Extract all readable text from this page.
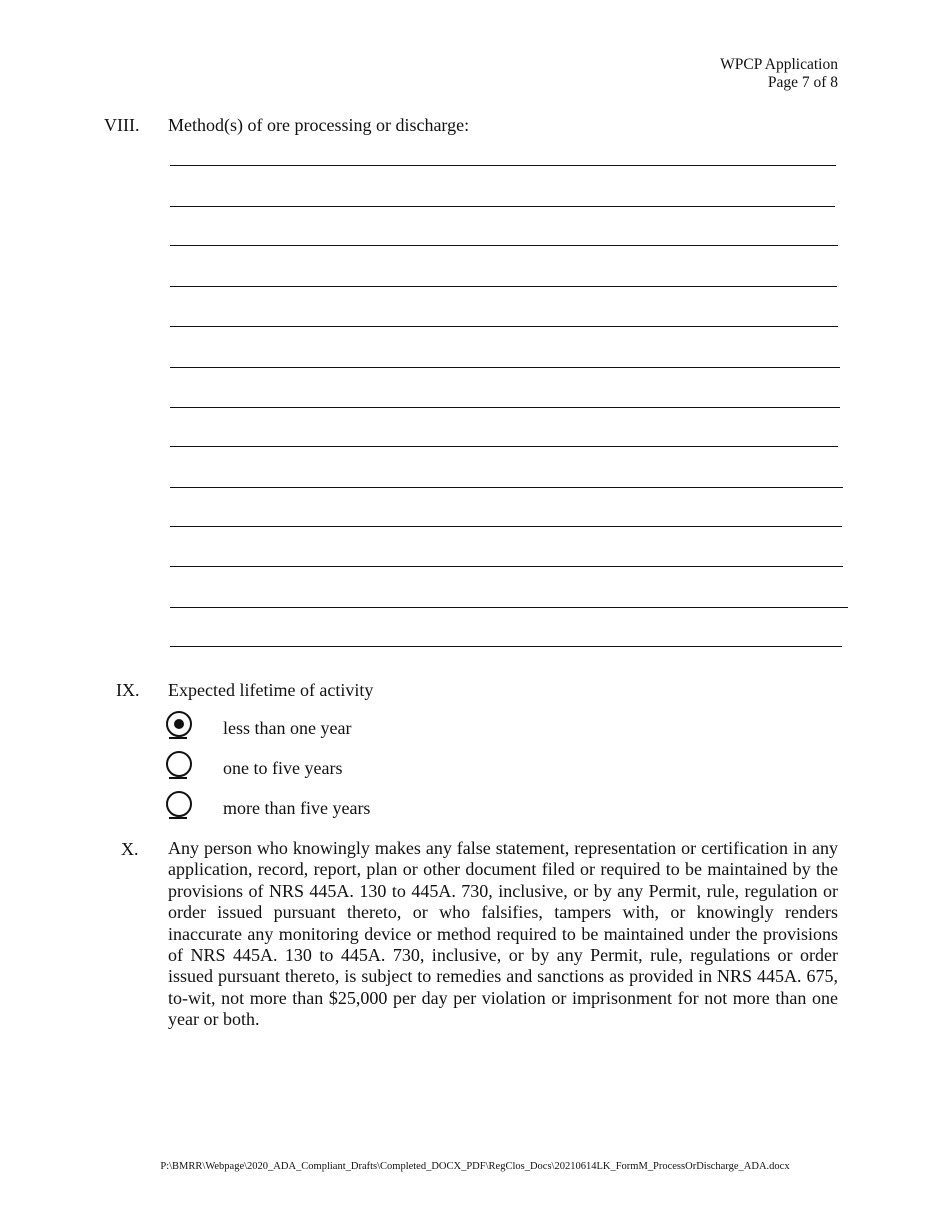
WPCP Application
Page 7 of 8
VIII. Method(s) of ore processing or discharge:
IX. Expected lifetime of activity
less than one year
one to five years
more than five years
X. Any person who knowingly makes any false statement, representation or certification in any application, record, report, plan or other document filed or required to be maintained by the provisions of NRS 445A. 130 to 445A. 730, inclusive, or by any Permit, rule, regulation or order issued pursuant thereto, or who falsifies, tampers with, or knowingly renders inaccurate any monitoring device or method required to be maintained under the provisions of NRS 445A. 130 to 445A. 730, inclusive, or by any Permit, rule, regulations or order issued pursuant thereto, is subject to remedies and sanctions as provided in NRS 445A. 675, to-wit, not more than $25,000 per day per violation or imprisonment for not more than one year or both.
P:\BMRR\Webpage\2020_ADA_Compliant_Drafts\Completed_DOCX_PDF\RegClos_Docs\20210614LK_FormM_ProcessOrDischarge_ADA.docx
